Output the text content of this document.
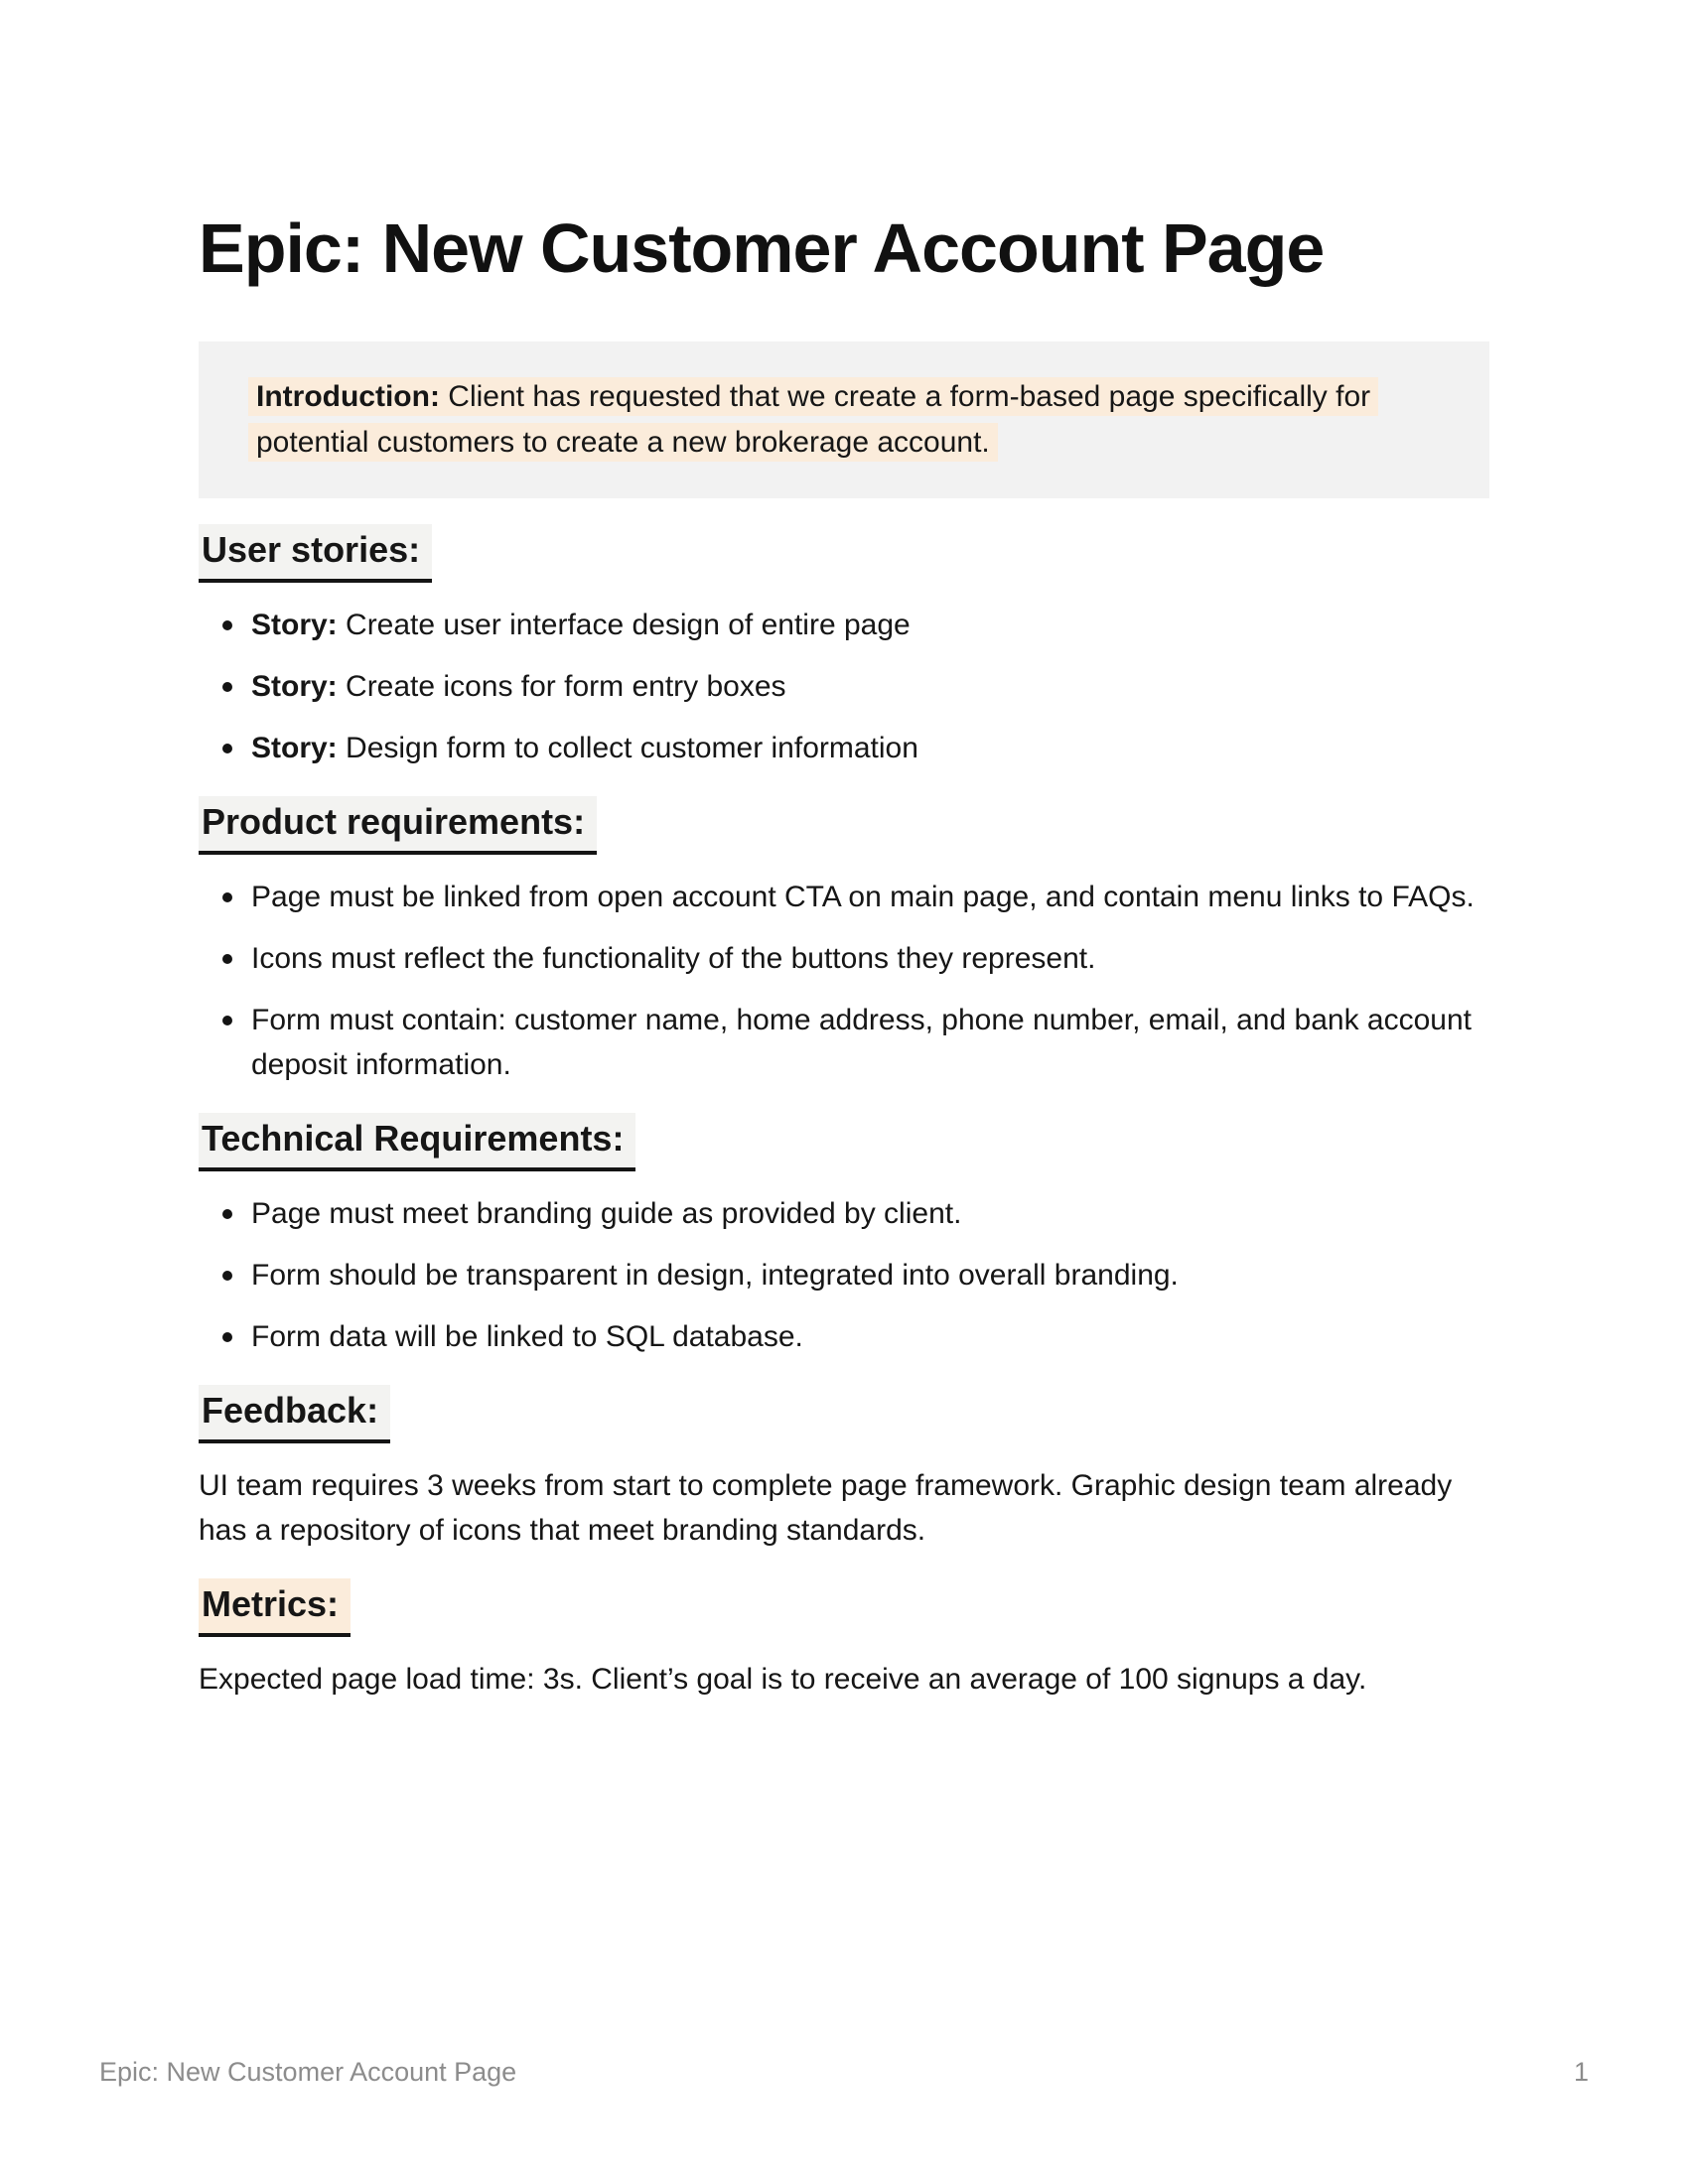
Epic: New Customer Account Page
Introduction: Client has requested that we create a form-based page specifically for potential customers to create a new brokerage account.
User stories:
Story: Create user interface design of entire page
Story: Create icons for form entry boxes
Story: Design form to collect customer information
Product requirements:
Page must be linked from open account CTA on main page, and contain menu links to FAQs.
Icons must reflect the functionality of the buttons they represent.
Form must contain: customer name, home address, phone number, email, and bank account deposit information.
Technical Requirements:
Page must meet branding guide as provided by client.
Form should be transparent in design, integrated into overall branding.
Form data will be linked to SQL database.
Feedback:

UI team requires 3 weeks from start to complete page framework. Graphic design team already has a repository of icons that meet branding standards.

Metrics:

Expected page load time: 3s. Client’s goal is to receive an average of 100 signups a day.

Epic: New Customer Account Page	1
